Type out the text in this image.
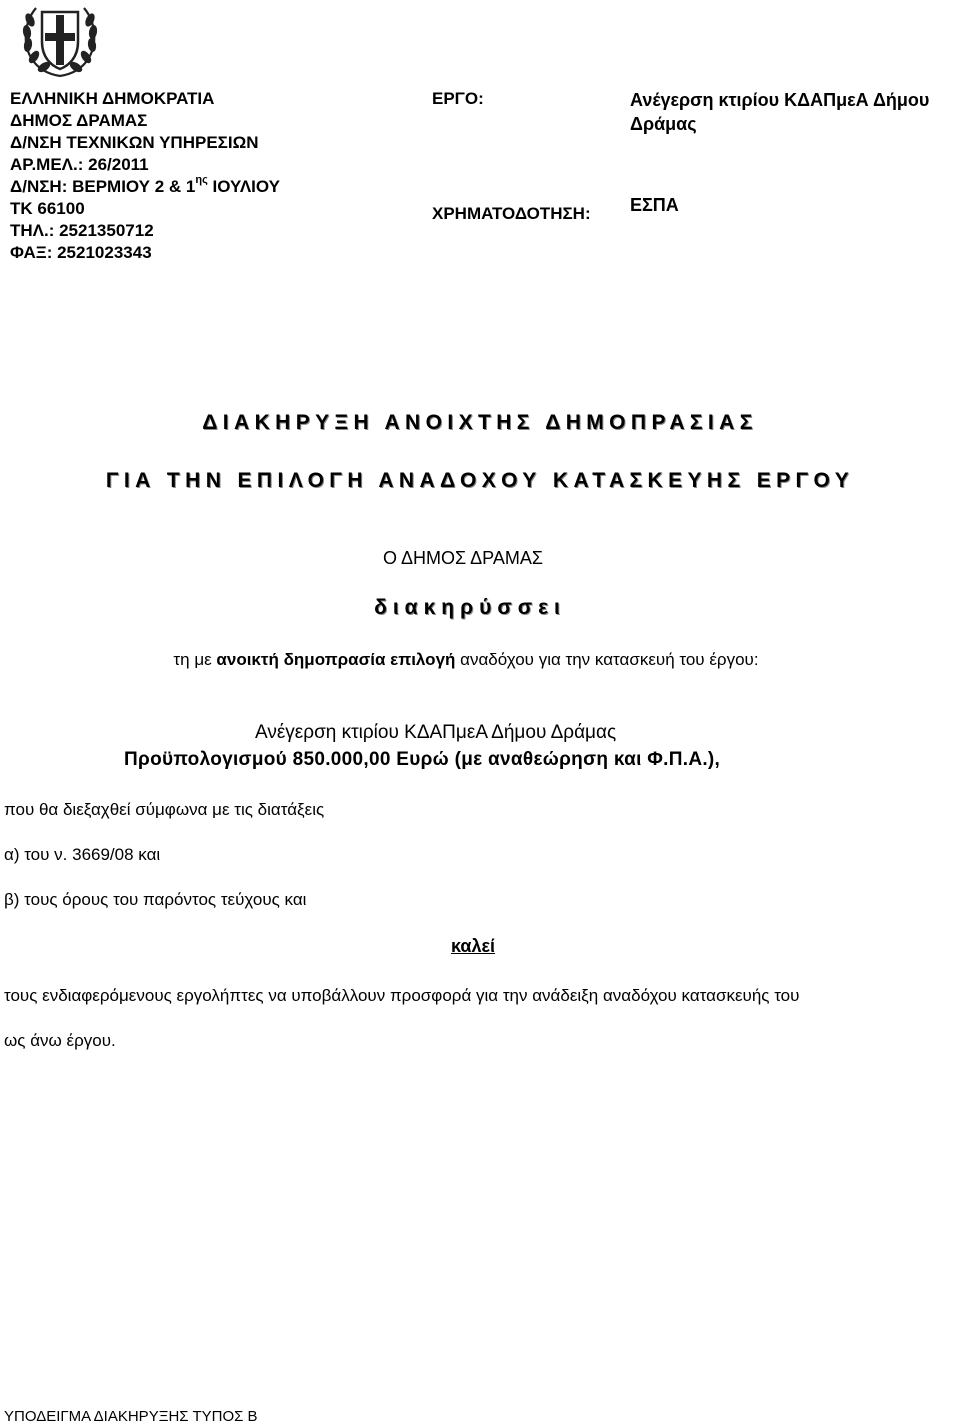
ΕΛΛΗΝΙΚΗ ΔΗΜΟΚΡΑΤΙΑ
ΔΗΜΟΣ ΔΡΑΜΑΣ
Δ/ΝΣΗ ΤΕΧΝΙΚΩΝ ΥΠΗΡΕΣΙΩΝ
ΑΡ.ΜΕΛ.: 26/2011
Δ/ΝΣΗ: ΒΕΡΜΙΟΥ 2 & $1^{\eta\varsigma}$ ΙΟΥΛΙΟΥ
ΤΚ 66100
ΤΗΛ.: 2521350712
ΦΑΞ: 2521023343
ΕΡΓΟ:	Ανέγερση κτιρίου ΚΔΑΠμεΑ Δήμου Δράμας
ΧΡΗΜΑΤΟΔΟΤΗΣΗ: ΕΣΠΑ
ΔΙΑΚΗΡΥΞΗ ΑΝΟΙΧΤΗΣ ΔΗΜΟΠΡΑΣΙΑΣ
ΓΙΑ ΤΗΝ ΕΠΙΛΟΓΗ ΑΝΑΔΟΧΟΥ ΚΑΤΑΣΚΕΥΗΣ ΕΡΓΟΥ
Ο ΔΗΜΟΣ ΔΡΑΜΑΣ
διακηρύσσει
τη με ανοικτή δημοπρασία επιλογή αναδόχου για την κατασκευή του έργου:
Ανέγερση κτιρίου ΚΔΑΠμεΑ Δήμου Δράμας
Προϋπολογισμού 850.000,00 Ευρώ (με αναθεώρηση και Φ.Π.Α.),
που θα διεξαχθεί σύμφωνα με τις διατάξεις
α) του ν. 3669/08 και
β) τους όρους του παρόντος τεύχους και
καλεί
τους ενδιαφερόμενους εργολήπτες να υποβάλλουν προσφορά για την ανάδειξη αναδόχου κατασκευής του
ως άνω έργου.
ΥΠΟΔΕΙΓΜΑ ΔΙΑΚΗΡΥΞΗΣ ΤΥΠΟΣ Β
